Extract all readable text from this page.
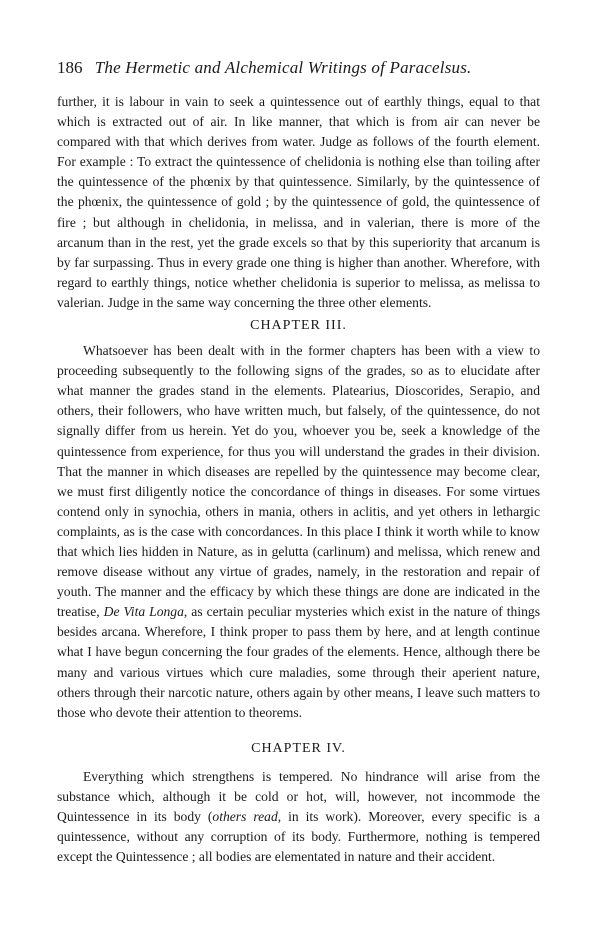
186 The Hermetic and Alchemical Writings of Paracelsus.

further, it is labour in vain to seek a quintessence out of earthly things, equal to that which is extracted out of air. In like manner, that which is from air can never be compared with that which derives from water. Judge as follows of the fourth element. For example : To extract the quintessence of chelidonia is nothing else than toiling after the quintessence of the phœnix by that quintessence. Similarly, by the quintessence of the phœnix, the quintessence of gold ; by the quintessence of gold, the quintessence of fire ; but although in chelidonia, in melissa, and in valerian, there is more of the arcanum than in the rest, yet the grade excels so that by this superiority that arcanum is by far surpassing. Thus in every grade one thing is higher than another. Wherefore, with regard to earthly things, notice whether chelidonia is superior to melissa, as melissa to valerian. Judge in the same way concerning the three other elements.

CHAPTER III.

Whatsoever has been dealt with in the former chapters has been with a view to proceeding subsequently to the following signs of the grades, so as to elucidate after what manner the grades stand in the elements. Platearius, Dioscorides, Serapio, and others, their followers, who have written much, but falsely, of the quintessence, do not signally differ from us herein. Yet do you, whoever you be, seek a knowledge of the quintessence from experience, for thus you will understand the grades in their division. That the manner in which diseases are repelled by the quintessence may become clear, we must first diligently notice the concordance of things in diseases. For some virtues contend only in synochia, others in mania, others in aclitis, and yet others in lethargic complaints, as is the case with concordances. In this place I think it worth while to know that which lies hidden in Nature, as in gelutta (carlinum) and melissa, which renew and remove disease without any virtue of grades, namely, in the restoration and repair of youth. The manner and the efficacy by which these things are done are indicated in the treatise, De Vita Longa, as certain peculiar mysteries which exist in the nature of things besides arcana. Wherefore, I think proper to pass them by here, and at length continue what I have begun concerning the four grades of the elements. Hence, although there be many and various virtues which cure maladies, some through their aperient nature, others through their narcotic nature, others again by other means, I leave such matters to those who devote their attention to theorems.

CHAPTER IV.

Everything which strengthens is tempered. No hindrance will arise from the substance which, although it be cold or hot, will, however, not incommode the Quintessence in its body (others read, in its work). Moreover, every specific is a quintessence, without any corruption of its body. Furthermore, nothing is tempered except the Quintessence ; all bodies are elementated in nature and their accident.
